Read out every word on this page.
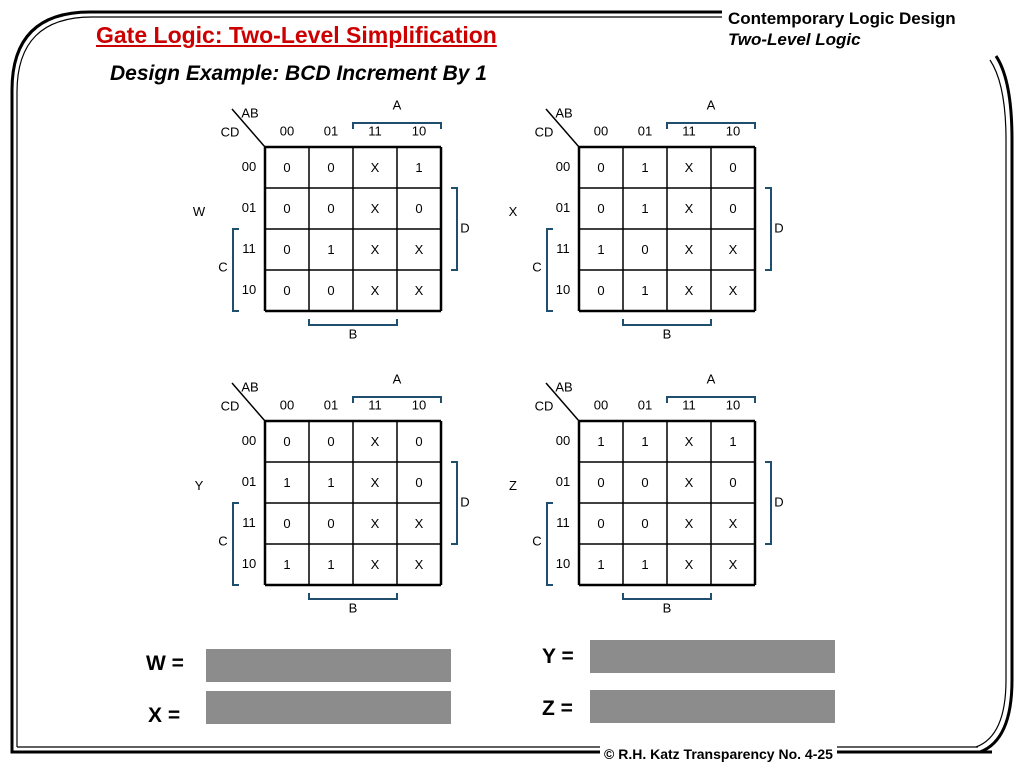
Gate Logic: Two-Level Simplification
Contemporary Logic Design
Two-Level Logic
Design Example: BCD Increment By 1
AB
CD	00 01 11 10
00
01
11
10
W
0	0	X	1
0	0	X	0
0	1	X	X
0	0	X	X
A
D
C
B
AB
CD	00 01 11 10
00
01
11
10
X
0	1	X	0
0	1	X	0
1	0	X	X
0	1	X	X
A
D
C
B
AB
CD	00 01 11 10
00
01
11
10
Y
0	0	X	0
1	1	X	0
0	0	X	X
1	1	X	X
A
D
C
B
AB
CD	00 01 11 10
00
01
11
10
Z
1	1	X	1
0	0	X	0
0	0	X	X
1	1	X	X
A
D
C
B
W =
X =
Y =
Z =
© R.H. Katz Transparency No. 4-25
